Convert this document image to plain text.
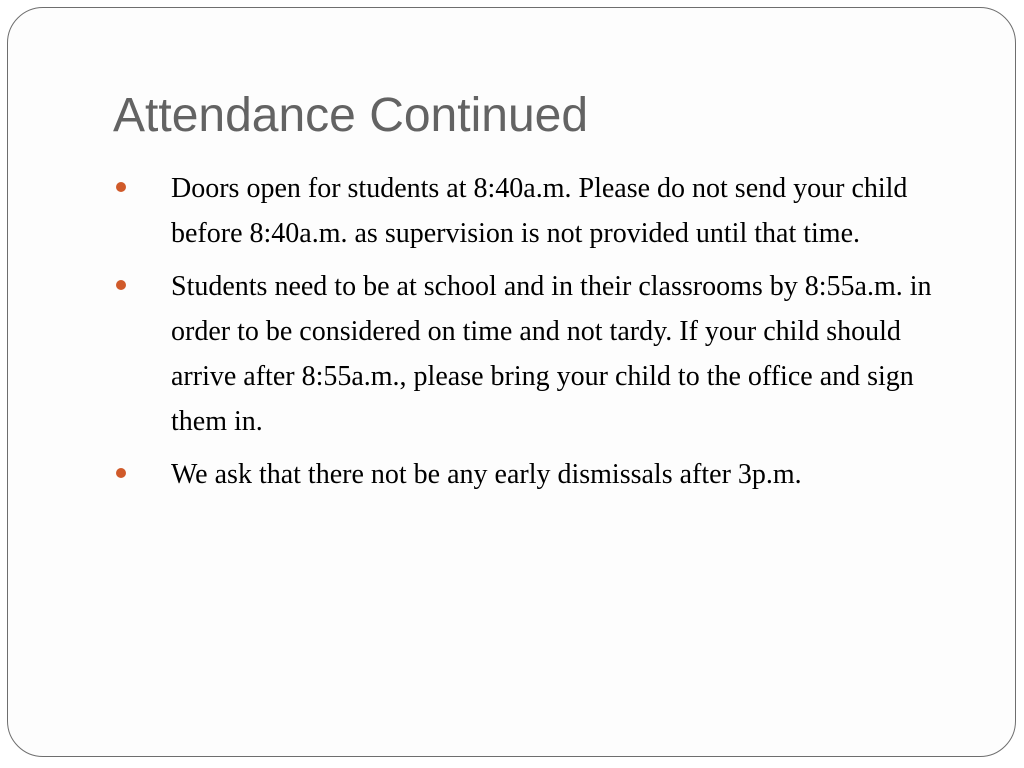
Attendance Continued
Doors open for students at 8:40a.m. Please do not send your child before 8:40a.m. as supervision is not provided until that time.
Students need to be at school and in their classrooms by 8:55a.m. in order to be considered on time and not tardy. If your child should arrive after 8:55a.m., please bring your child to the office and sign them in.
We ask that there not be any early dismissals after 3p.m.
